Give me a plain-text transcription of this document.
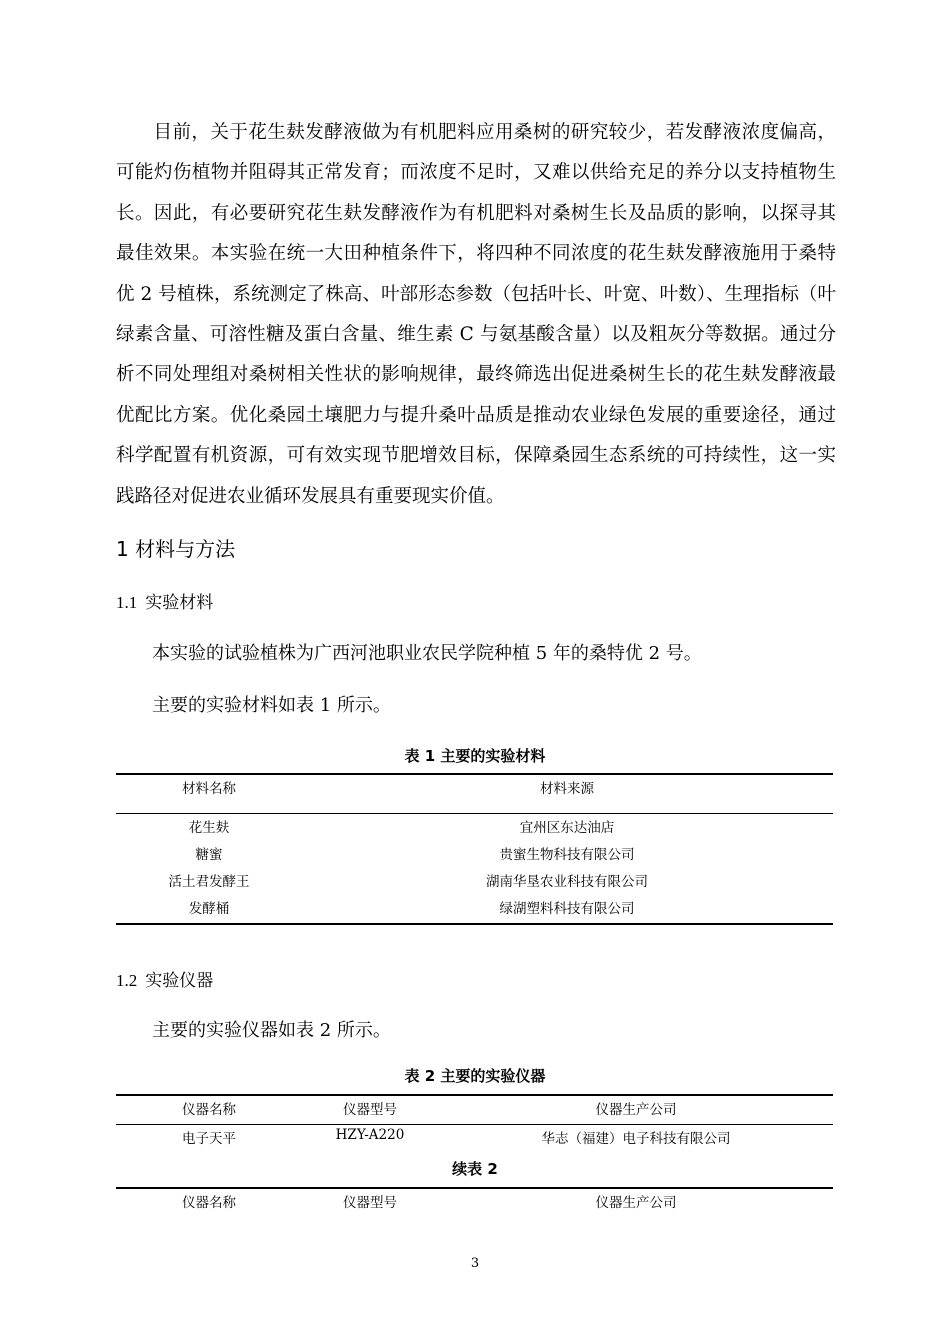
目前，关于花生麸发酵液做为有机肥料应用桑树的研究较少，若发酵液浓度偏高，可能灼伤植物并阻碍其正常发育；而浓度不足时，又难以供给充足的养分以支持植物生长。因此，有必要研究花生麸发酵液作为有机肥料对桑树生长及品质的影响，以探寻其最佳效果。本实验在统一大田种植条件下，将四种不同浓度的花生麸发酵液施用于桑特优 2 号植株，系统测定了株高、叶部形态参数（包括叶长、叶宽、叶数）、生理指标（叶绿素含量、可溶性糖及蛋白含量、维生素 C 与氨基酸含量）以及粗灰分等数据。通过分析不同处理组对桑树相关性状的影响规律，最终筛选出促进桑树生长的花生麸发酵液最优配比方案。优化桑园土壤肥力与提升桑叶品质是推动农业绿色发展的重要途径，通过科学配置有机资源，可有效实现节肥增效目标，保障桑园生态系统的可持续性，这一实践路径对促进农业循环发展具有重要现实价值。

1 材料与方法
1.1 实验材料

本实验的试验植株为广西河池职业农民学院种植 5 年的桑特优 2 号。

主要的实验材料如表 1 所示。

表 1 主要的实验材料

材料名称	材料来源
花生麸	宜州区东达油店
糖蜜	贵蜜生物科技有限公司
活土君发酵王	湖南华垦农业科技有限公司
发酵桶	绿湖塑料科技有限公司
1.2 实验仪器

主要的实验仪器如表 2 所示。

表 2 主要的实验仪器

仪器名称	仪器型号	仪器生产公司
电子天平	HZY-A220	华志（福建）电子科技有限公司

续表 2

仪器名称	仪器型号	仪器生产公司
3
